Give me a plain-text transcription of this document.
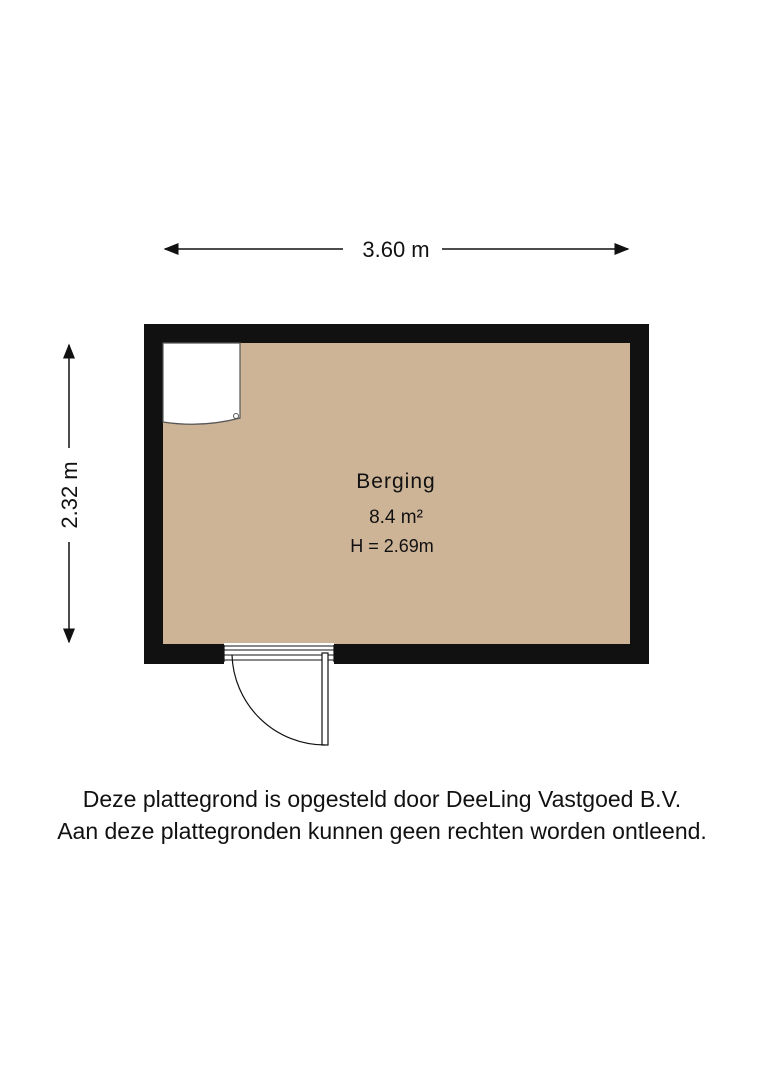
3.60 m
2.32 m	Berging
8.4 m²
H = 2.69m
Deze plattegrond is opgesteld door DeeLing Vastgoed B.V.
Aan deze plattegronden kunnen geen rechten worden ontleend.
